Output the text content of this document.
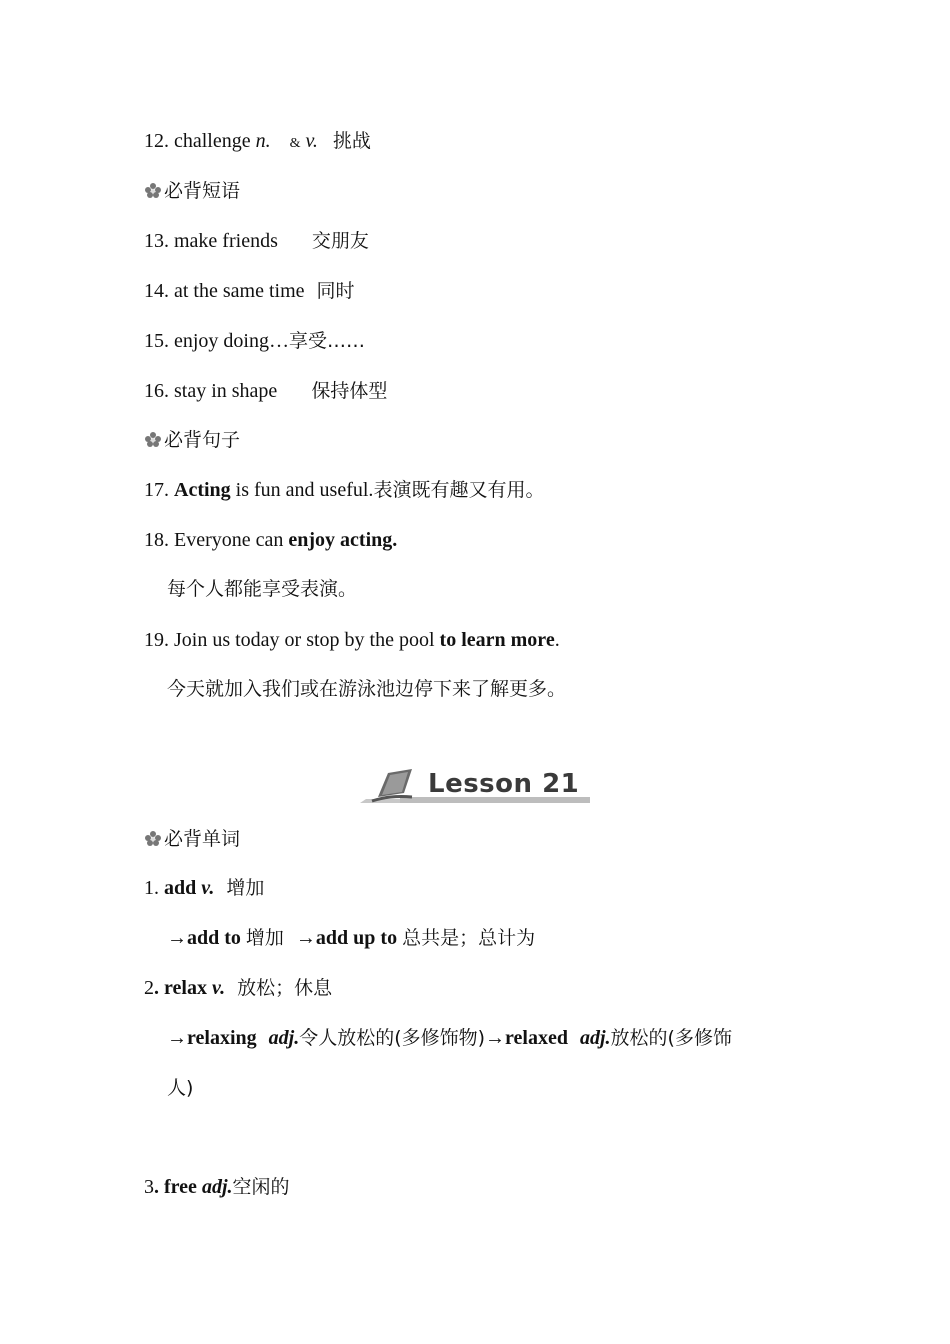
12. challenge n. & v. 挑战
必背短语
13. make friends 交朋友
14. at the same time 同时
15. enjoy doing…享受……
16. stay in shape 保持体型
必背句子
17. Acting is fun and useful.表演既有趣又有用。
18. Everyone can enjoy acting.
每个人都能享受表演。
19. Join us today or stop by the pool to learn more.
今天就加入我们或在游泳池边停下来了解更多。
Lesson 21
必背单词
1. add v. 增加
→add to 增加 →add up to 总共是；总计为
2. relax v. 放松；休息
→relaxing adj.令人放松的(多修饰物)→relaxed adj.放松的(多修饰
人)
3. free adj.空闲的
